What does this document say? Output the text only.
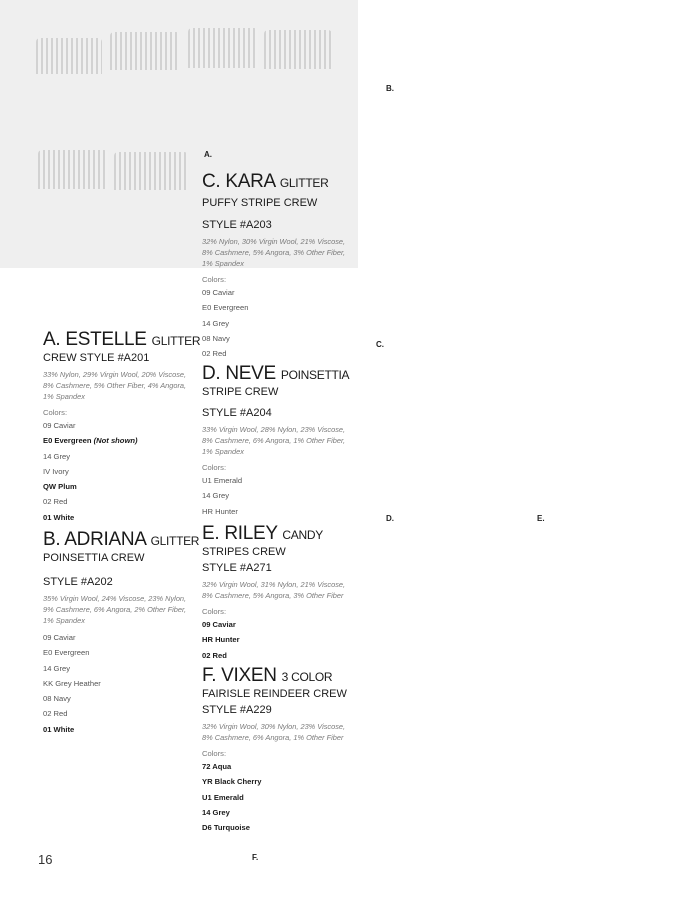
A.
A. ESTELLE GLITTER
CREW STYLE #A201
33% Nylon, 29% Virgin Wool, 20% Viscose, 8% Cashmere, 5% Other Fiber, 4% Angora, 1% Spandex
Colors:
09 Caviar
E0 Evergreen (Not shown)
14 Grey
IV Ivory
QW Plum
02 Red
01 White
B. ADRIANA GLITTER
POINSETTIA CREW
STYLE #A202
35% Virgin Wool, 24% Viscose, 23% Nylon, 9% Cashmere, 6% Angora, 2% Other Fiber, 1% Spandex
09 Caviar
E0 Evergreen
14 Grey
KK Grey Heather
08 Navy
02 Red
01 White
C. KARA GLITTER
PUFFY STRIPE CREW
STYLE #A203
32% Nylon, 30% Virgin Wool, 21% Viscose, 8% Cashmere, 5% Angora, 3% Other Fiber, 1% Spandex
Colors:
09 Caviar
E0 Evergreen
14 Grey
08 Navy
02 Red
D. NEVE POINSETTIA
STRIPE CREW
STYLE #A204
33% Virgin Wool, 28% Nylon, 23% Viscose, 8% Cashmere, 6% Angora, 1% Other Fiber, 1% Spandex
Colors:
U1 Emerald
14 Grey
HR Hunter
E. RILEY CANDY
STRIPES CREW
STYLE #A271
32% Virgin Wool, 31% Nylon, 21% Viscose, 8% Cashmere, 5% Angora, 3% Other Fiber
Colors:
09 Caviar
HR Hunter
02 Red
F. VIXEN 3 COLOR
FAIRISLE REINDEER CREW
STYLE #A229
32% Virgin Wool, 30% Nylon, 23% Viscose, 8% Cashmere, 6% Angora, 1% Other Fiber
Colors:
72 Aqua
YR Black Cherry
U1 Emerald
14 Grey
D6 Turquoise
B.
C.
D.	E.
F.
16
